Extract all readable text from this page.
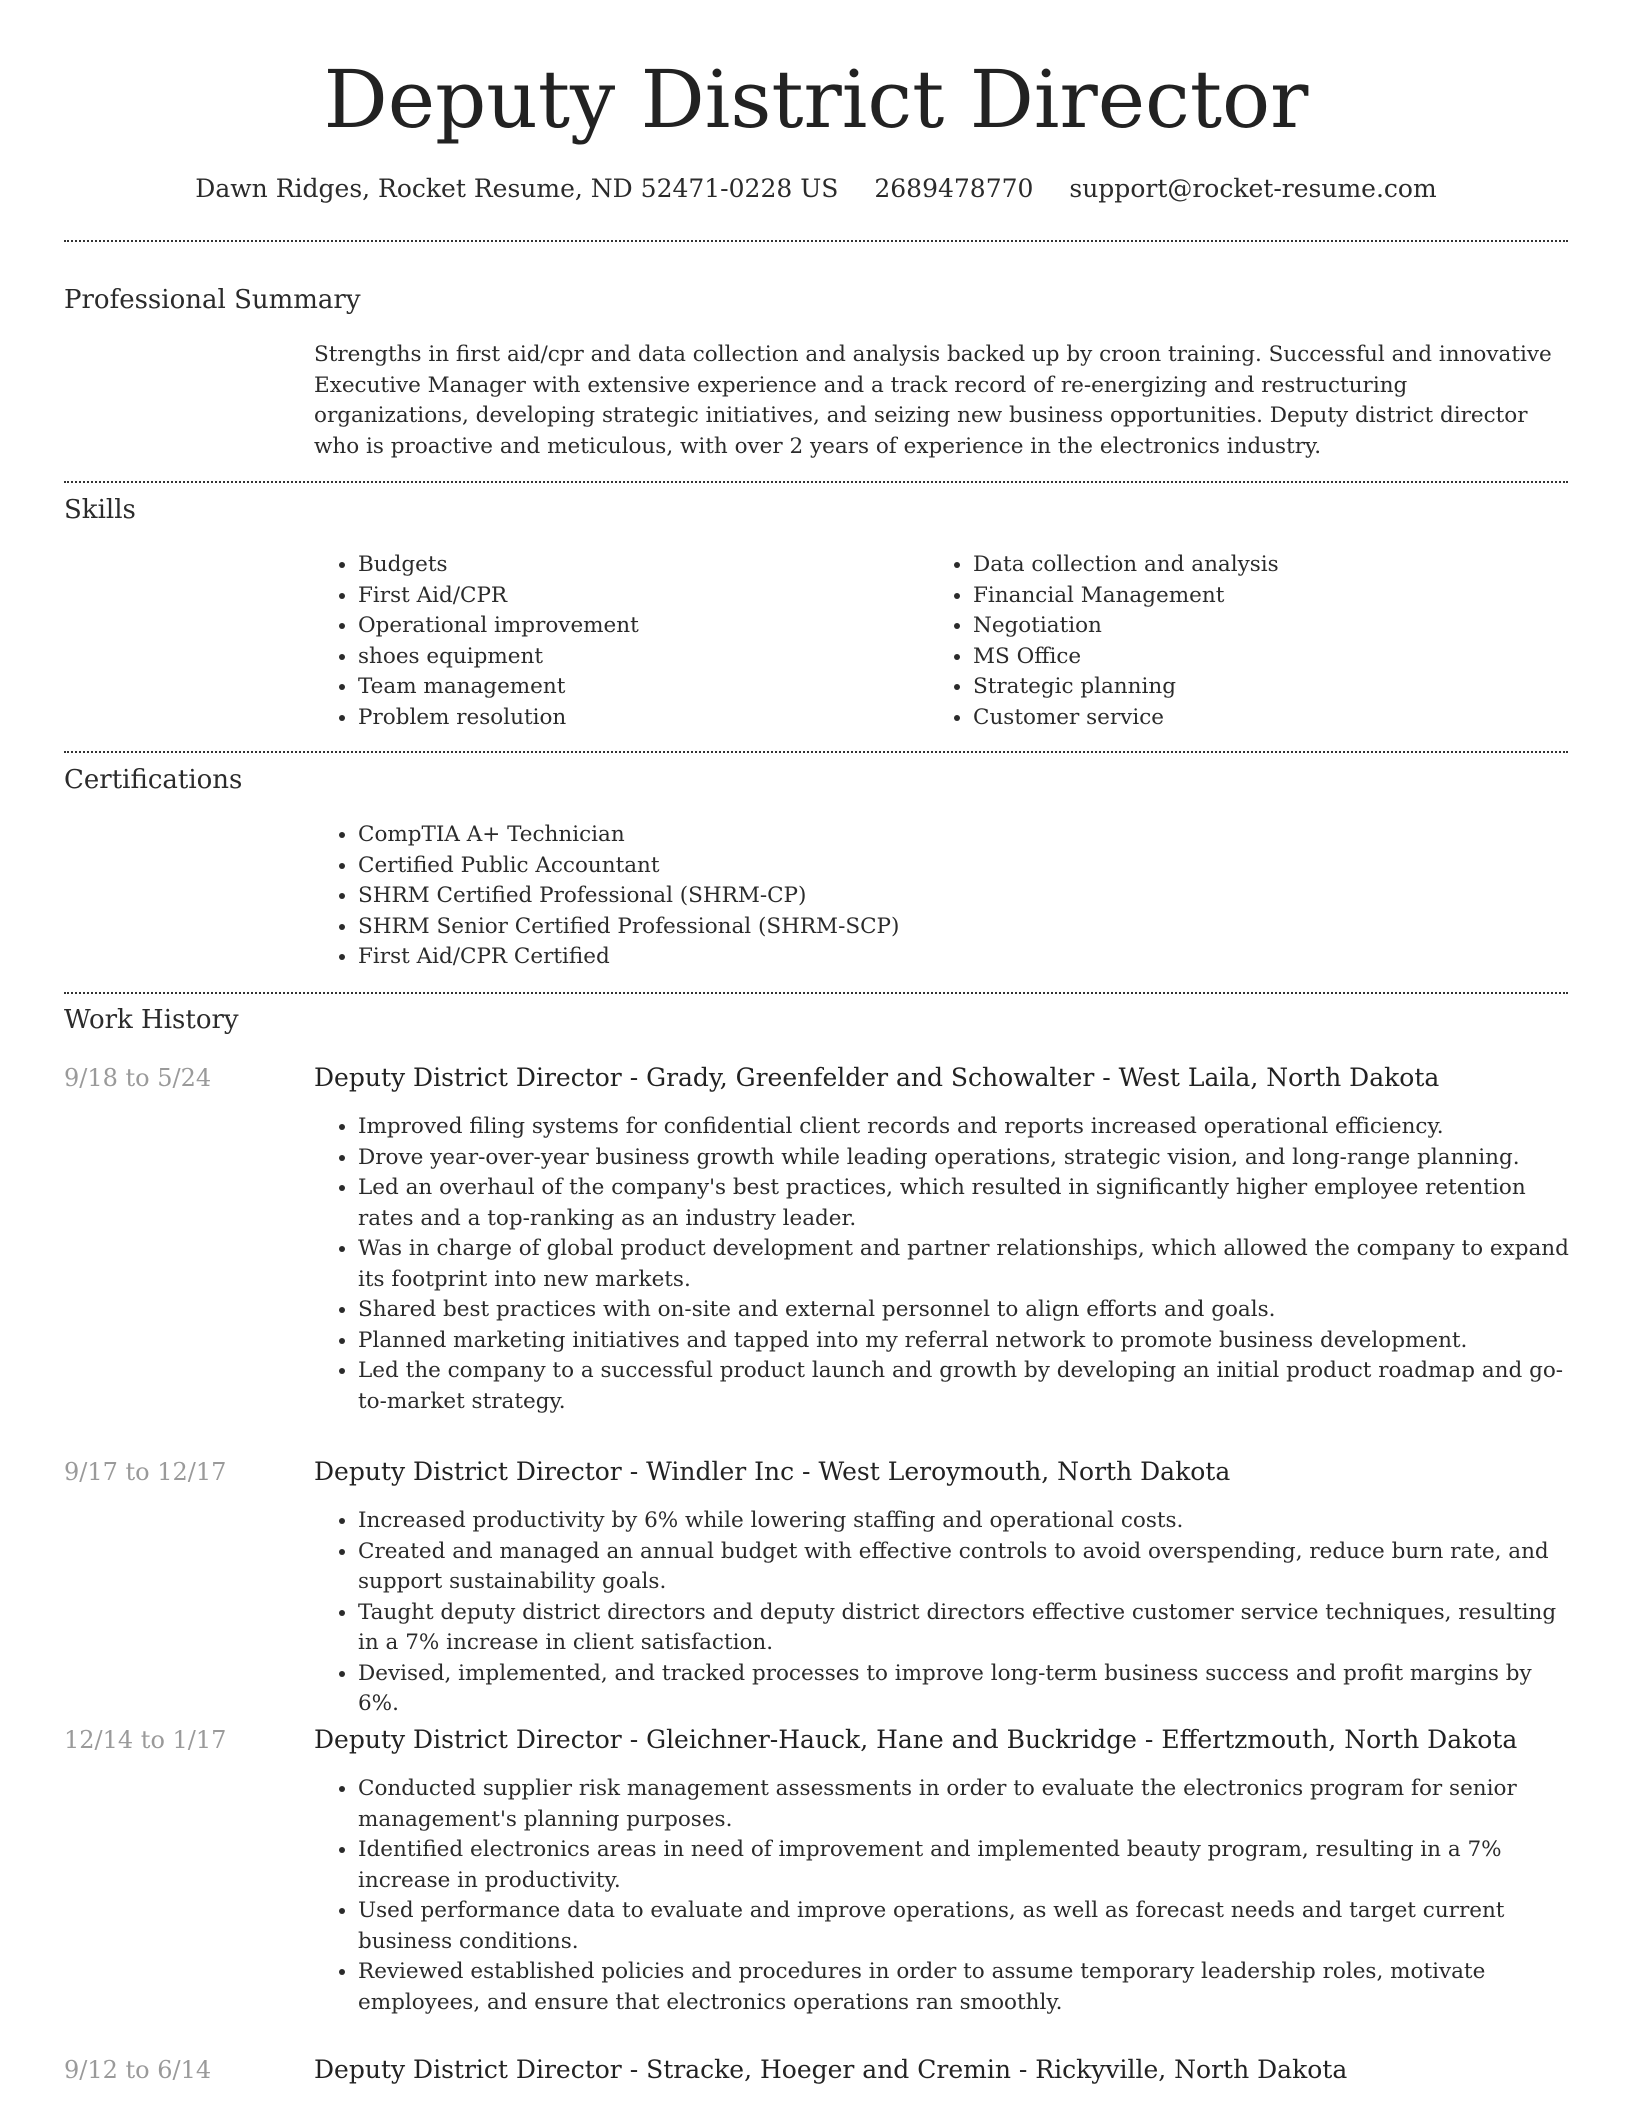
Deputy District Director
Dawn Ridges, Rocket Resume, ND 52471-0228 US 2689478770 support@rocket-resume.com
Professional Summary
Strengths in first aid/cpr and data collection and analysis backed up by croon training. Successful and innovative Executive Manager with extensive experience and a track record of re-energizing and restructuring organizations, developing strategic initiatives, and seizing new business opportunities. Deputy district director who is proactive and meticulous, with over 2 years of experience in the electronics industry.
Skills
• Budgets
• First Aid/CPR
• Operational improvement
• shoes equipment
• Team management
• Problem resolution
• Data collection and analysis
• Financial Management
• Negotiation
• MS Office
• Strategic planning
• Customer service
Certifications
• CompTIA A+ Technician
• Certified Public Accountant
• SHRM Certified Professional (SHRM-CP)
• SHRM Senior Certified Professional (SHRM-SCP)
• First Aid/CPR Certified
Work History
9/18 to 5/24	Deputy District Director - Grady, Greenfelder and Schowalter - West Laila, North Dakota
• Improved filing systems for confidential client records and reports increased operational efficiency.
• Drove year-over-year business growth while leading operations, strategic vision, and long-range planning.
• Led an overhaul of the company's best practices, which resulted in significantly higher employee retention rates and a top-ranking as an industry leader.
• Was in charge of global product development and partner relationships, which allowed the company to expand its footprint into new markets.
• Shared best practices with on-site and external personnel to align efforts and goals.
• Planned marketing initiatives and tapped into my referral network to promote business development.
• Led the company to a successful product launch and growth by developing an initial product roadmap and go-to-market strategy.
9/17 to 12/17	Deputy District Director - Windler Inc - West Leroymouth, North Dakota
• Increased productivity by 6% while lowering staffing and operational costs.
• Created and managed an annual budget with effective controls to avoid overspending, reduce burn rate, and support sustainability goals.
• Taught deputy district directors and deputy district directors effective customer service techniques, resulting in a 7% increase in client satisfaction.
• Devised, implemented, and tracked processes to improve long-term business success and profit margins by 6%.
12/14 to 1/17	Deputy District Director - Gleichner-Hauck, Hane and Buckridge - Effertzmouth, North Dakota
• Conducted supplier risk management assessments in order to evaluate the electronics program for senior management's planning purposes.
• Identified electronics areas in need of improvement and implemented beauty program, resulting in a 7% increase in productivity.
• Used performance data to evaluate and improve operations, as well as forecast needs and target current business conditions.
• Reviewed established policies and procedures in order to assume temporary leadership roles, motivate employees, and ensure that electronics operations ran smoothly.
9/12 to 6/14	Deputy District Director - Stracke, Hoeger and Cremin - Rickyville, North Dakota
